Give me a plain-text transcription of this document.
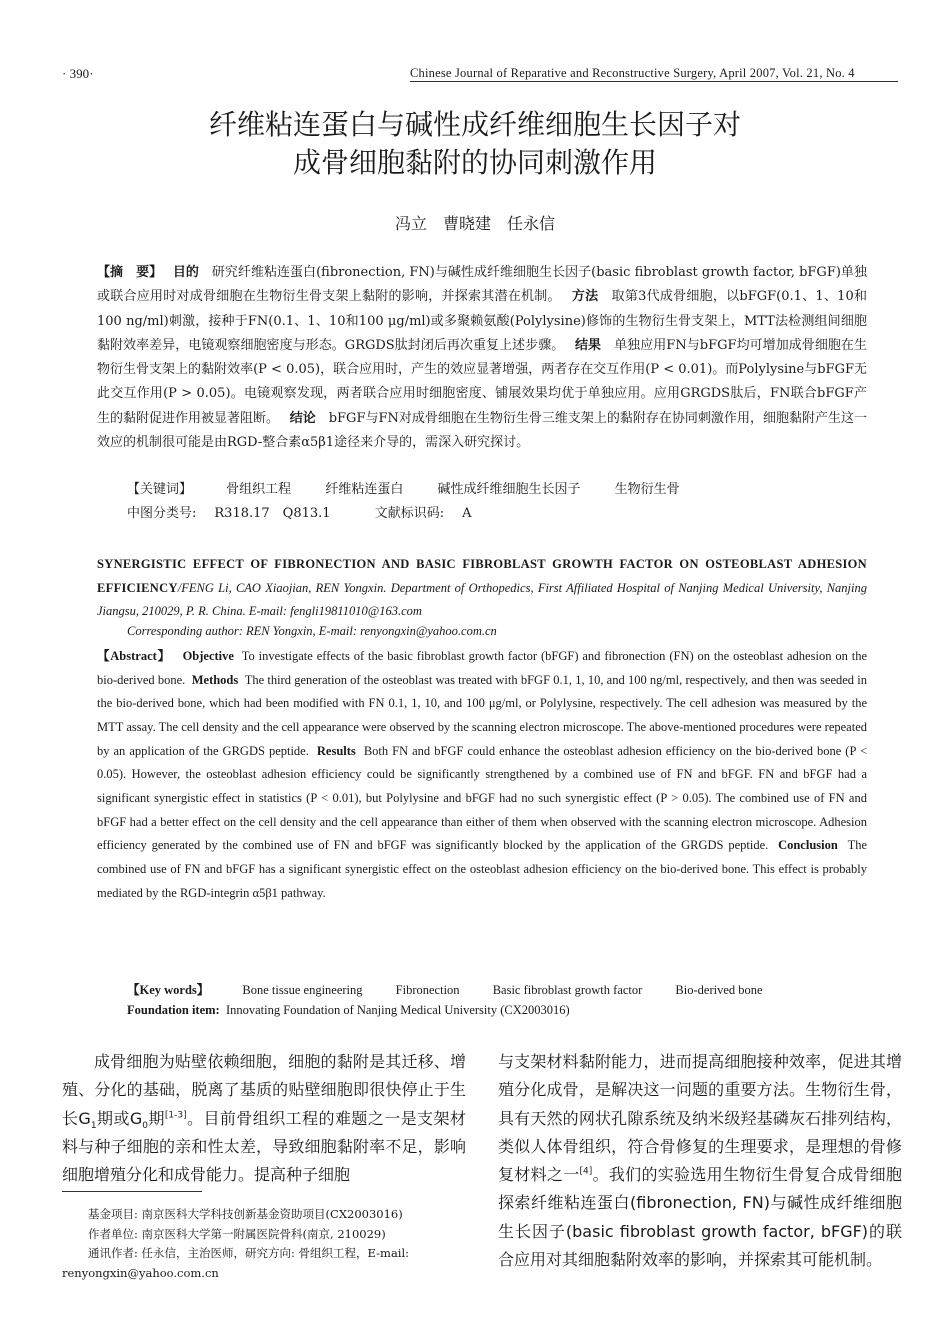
· 390·	Chinese Journal of Reparative and Reconstructive Surgery, April 2007, Vol. 21, No. 4
纤维粘连蛋白与碱性成纤维细胞生长因子对
成骨细胞黏附的协同刺激作用
冯立　曹晓建　任永信
【摘　要】　 目的　 研究纤维粘连蛋白(fibronection, FN)与碱性成纤维细胞生长因子(basic fibroblast growth factor, bFGF)单独或联合应用时对成骨细胞在生物衍生骨支架上黏附的影响，并探索其潜在机制。　 方法　 取第3代成骨细胞，以bFGF(0.1、1、10和100 ng/ml)刺激，接种于FN(0.1、1、10和100 μg/ml)或多聚赖氨酸(Polylysine)修饰的生物衍生骨支架上，MTT法检测组间细胞黏附效率差异，电镜观察细胞密度与形态。GRGDS肽封闭后再次重复上述步骤。　 结果　 单独应用FN与bFGF均可增加成骨细胞在生物衍生骨支架上的黏附效率(P < 0.05)，联合应用时，产生的效应显著增强，两者存在交互作用(P < 0.01)。而Polylysine与bFGF无此交互作用(P > 0.05)。电镜观察发现，两者联合应用时细胞密度、铺展效果均优于单独应用。应用GRGDS肽后，FN联合bFGF产生的黏附促进作用被显著阻断。　 结论　 bFGF与FN对成骨细胞在生物衍生骨三维支架上的黏附存在协同刺激作用，细胞黏附产生这一效应的机制很可能是由RGD-整合素α5β1途径来介导的，需深入研究探讨。
【关键词】	骨组织工程	纤维粘连蛋白	碱性成纤维细胞生长因子	生物衍生骨
中图分类号: R318.17　Q813.1	文献标识码: A
SYNERGISTIC EFFECT OF FIBRONECTION AND BASIC FIBROBLAST GROWTH FACTOR ON OSTEOBLAST ADHESION EFFICIENCY/FENG Li, CAO Xiaojian, REN Yongxin. Department of Orthopedics, First Affiliated Hospital of Nanjing Medical University, Nanjing Jiangsu, 210029, P. R. China. E-mail: fengli19811010@163.com
Corresponding author: REN Yongxin, E-mail: renyongxin@yahoo.com.cn
【Abstract】 Objective To investigate effects of the basic fibroblast growth factor (bFGF) and fibronection (FN) on the osteoblast adhesion on the bio-derived bone. Methods The third generation of the osteoblast was treated with bFGF 0.1, 1, 10, and 100 ng/ml, respectively, and then was seeded in the bio-derived bone, which had been modified with FN 0.1, 1, 10, and 100 μg/ml, or Polylysine, respectively. The cell adhesion was measured by the MTT assay. The cell density and the cell appearance were observed by the scanning electron microscope. The above-mentioned procedures were repeated by an application of the GRGDS peptide. Results Both FN and bFGF could enhance the osteoblast adhesion efficiency on the bio-derived bone (P < 0.05). However, the osteoblast adhesion efficiency could be significantly strengthened by a combined use of FN and bFGF. FN and bFGF had a significant synergistic effect in statistics (P < 0.01), but Polylysine and bFGF had no such synergistic effect (P > 0.05). The combined use of FN and bFGF had a better effect on the cell density and the cell appearance than either of them when observed with the scanning electron microscope. Adhesion efficiency generated by the combined use of FN and bFGF was significantly blocked by the application of the GRGDS peptide. Conclusion The combined use of FN and bFGF has a significant synergistic effect on the osteoblast adhesion efficiency on the bio-derived bone. This effect is probably mediated by the RGD-integrin α5β1 pathway.
【Key words】	Bone tissue engineering	Fibronection	Basic fibroblast growth factor	Bio-derived bone
Foundation item: Innovating Foundation of Nanjing Medical University (CX2003016)
成骨细胞为贴壁依赖细胞，细胞的黏附是其迁移、增殖、分化的基础，脱离了基质的贴壁细胞即很快停止于生长$G_1$期或$G_0$期[1-3]。目前骨组织工程的难题之一是支架材料与种子细胞的亲和性太差，导致细胞黏附率不足，影响细胞增殖分化和成骨能力。提高种子细胞
与支架材料黏附能力，进而提高细胞接种效率，促进其增殖分化成骨，是解决这一问题的重要方法。生物衍生骨，具有天然的网状孔隙系统及纳米级羟基磷灰石排列结构，类似人体骨组织，符合骨修复的生理要求，是理想的骨修复材料之一[4]。我们的实验选用生物衍生骨复合成骨细胞探索纤维粘连蛋白(fibronection, FN)与碱性成纤维细胞生长因子(basic fibroblast growth factor, bFGF)的联合应用对其细胞黏附效率的影响，并探索其可能机制。
基金项目: 南京医科大学科技创新基金资助项目(CX2003016)
作者单位: 南京医科大学第一附属医院骨科(南京, 210029)
通讯作者: 任永信，主治医师，研究方向: 骨组织工程，E-mail:
renyongxin@yahoo.com.cn
